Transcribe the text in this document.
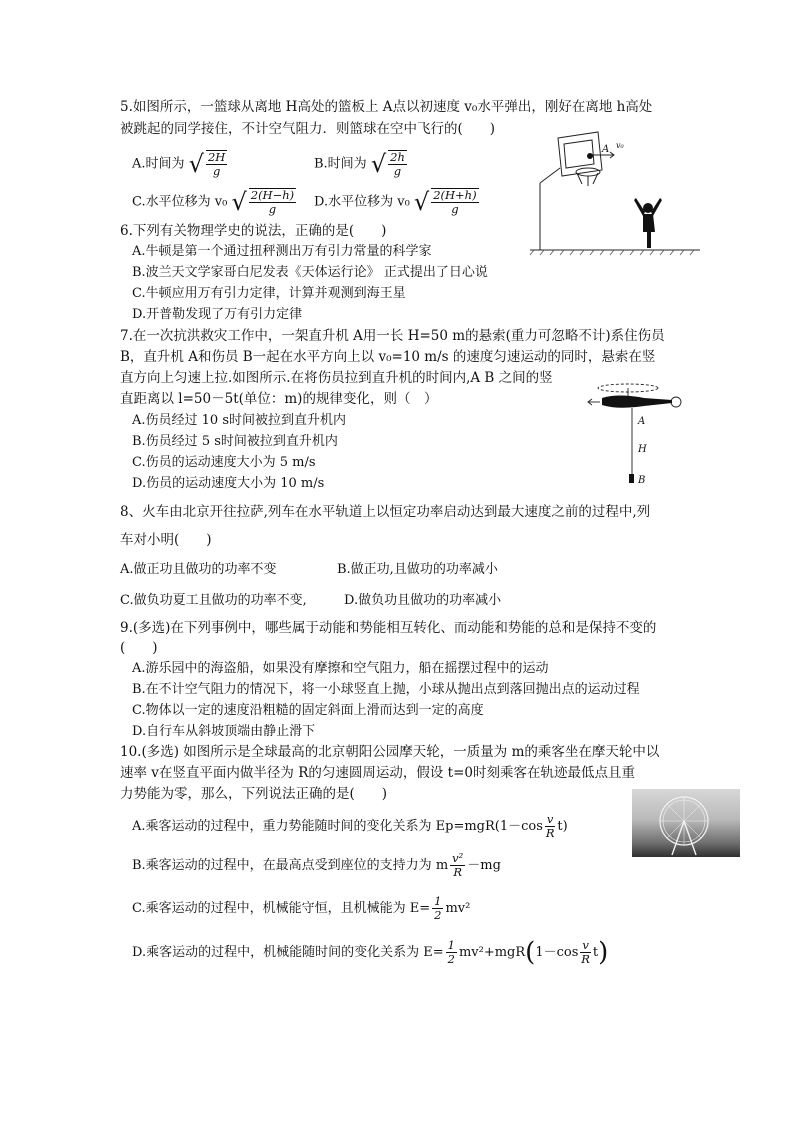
5.如图所示，一篮球从离地 H高处的篮板上 A点以初速度 v₀水平弹出，刚好在离地 h高处
被跳起的同学接住，不计空气阻力．则篮球在空中飞行的(　　)
A.时间为 √ $\frac{2H}{g}$	B.时间为 √ $\frac{2h}{g}$
C.水平位移为 v₀ √ $\frac{2(H-h)}{g} D$.水平位移为 v₀ √ $\frac{2(H+h)}{g}$
A v₀
6.下列有关物理学史的说法，正确的是(　　)
A.牛顿是第一个通过扭秤测出万有引力常量的科学家
B.波兰天文学家哥白尼发表《天体运行论》 正式提出了日心说
C.牛顿应用万有引力定律，计算并观测到海王星
D.开普勒发现了万有引力定律
7.在一次抗洪救灾工作中，一架直升机 A用一长 H=50 m的悬索(重力可忽略不计)系住伤员
B，直升机 A和伤员 B一起在水平方向上以 v₀=10 m/s 的速度匀速运动的同时，悬索在竖
直方向上匀速上拉.如图所示.在将伤员拉到直升机的时间内,A B 之间的竖
直距离以 l=50－5t(单位：m)的规律变化，则（　）
A.伤员经过 10 s时间被拉到直升机内
B.伤员经过 5 s时间被拉到直升机内
C.伤员的运动速度大小为 5 m/s
D.伤员的运动速度大小为 10 m/s
A
H
B
8、火车由北京开往拉萨,列车在水平轨道上以恒定功率启动达到最大速度之前的过程中,列
车对小明(　　)
A.做正功且做功的功率不变	B.做正功,且做功的功率减小
C.做负功夏工且做功的功率不变,	D.做负功且做功的功率减小
9.(多选)在下列事例中，哪些属于动能和势能相互转化、而动能和势能的总和是保持不变的
(　　)
A.游乐园中的海盗船，如果没有摩擦和空气阻力，船在摇摆过程中的运动
B.在不计空气阻力的情况下，将一小球竖直上抛，小球从抛出点到落回抛出点的运动过程
C.物体以一定的速度沿粗糙的固定斜面上滑而达到一定的高度
D.自行车从斜坡顶端由静止滑下
10.(多选) 如图所示是全球最高的北京朝阳公园摩天轮，一质量为 m的乘客坐在摩天轮中以
速率 v在竖直平面内做半径为 R的匀速圆周运动，假设 t=0时刻乘客在轨迹最低点且重
力势能为零，那么，下列说法正确的是(　　)
A.乘客运动的过程中，重力势能随时间的变化关系为 $Ep=mgR(1-\cos \frac{v}{R} t)$
B.乘客运动的过程中，在最高点受到座位的支持力为 m $\frac{\text{v²}}{R} -mg$
C.乘客运动的过程中，机械能守恒，且机械能为 $E= \frac{1}{2} mv^2$
D.乘客运动的过程中，机械能随时间的变化关系为 $E= \frac{1}{2} mv^2+mgR(1-\cos \frac{v}{R} t)$
